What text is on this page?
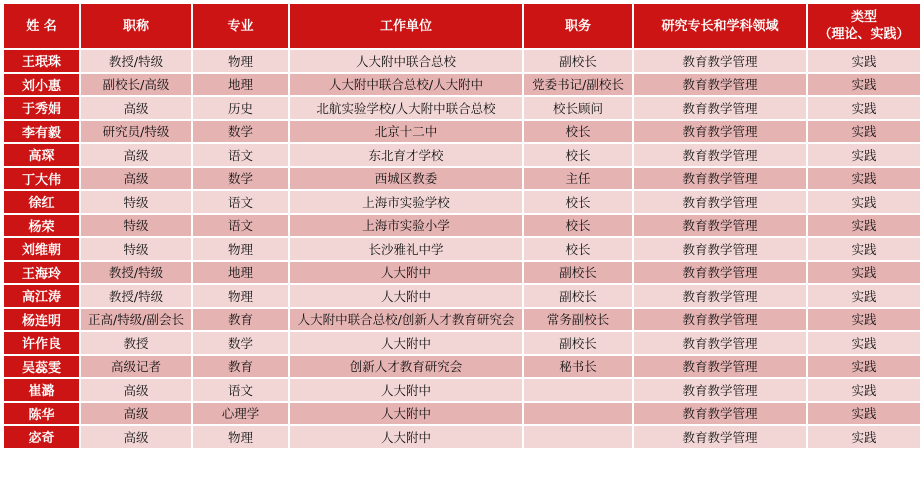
姓 名	职称	专业	工作单位	职务	研究专长和学科领域	类型
（理论、实践）

王珉珠	教授/特级	物理	人大附中联合总校	副校长	教育教学管理	实践
刘小惠	副校长/高级	地理	人大附中联合总校/人大附中	党委书记/副校长	教育教学管理	实践
于秀娟	高级	历史	北航实验学校/人大附中联合总校	校长顾问	教育教学管理	实践
李有毅	研究员/特级	数学	北京十二中	校长	教育教学管理	实践
高琛	高级	语文	东北育才学校	校长	教育教学管理	实践
丁大伟	高级	数学	西城区教委	主任	教育教学管理	实践
徐红	特级	语文	上海市实验学校	校长	教育教学管理	实践
杨荣	特级	语文	上海市实验小学	校长	教育教学管理	实践
刘维朝	特级	物理	长沙雅礼中学	校长	教育教学管理	实践
王海玲	教授/特级	地理	人大附中	副校长	教育教学管理	实践
高江涛	教授/特级	物理	人大附中	副校长	教育教学管理	实践
杨连明	正高/特级/副会长	教育	人大附中联合总校/创新人才教育研究会	常务副校长	教育教学管理	实践
许作良	教授	数学	人大附中	副校长	教育教学管理	实践
吴蕊雯	高级记者	教育	创新人才教育研究会	秘书长	教育教学管理	实践
崔潞	高级	语文	人大附中		教育教学管理	实践
陈华	高级	心理学	人大附中		教育教学管理	实践
宓奇	高级	物理	人大附中		教育教学管理	实践
